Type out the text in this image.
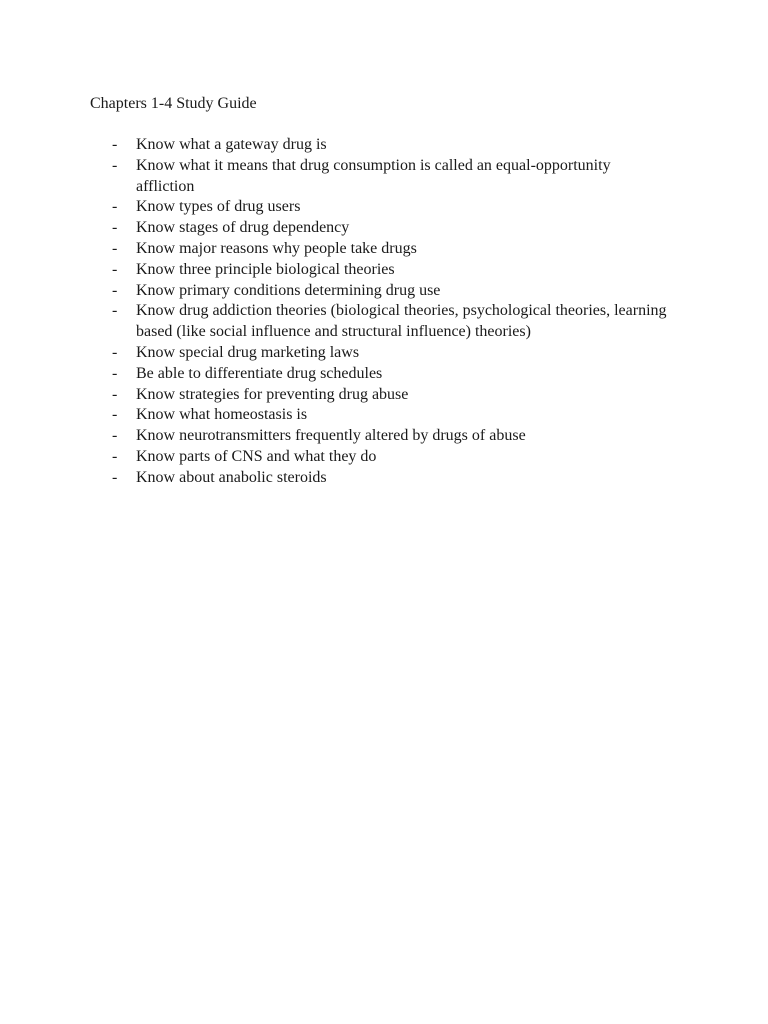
Chapters 1-4 Study Guide
- Know what a gateway drug is
- Know what it means that drug consumption is called an equal-opportunity affliction
- Know types of drug users
- Know stages of drug dependency
- Know major reasons why people take drugs
- Know three principle biological theories
- Know primary conditions determining drug use
- Know drug addiction theories (biological theories, psychological theories, learning based (like social influence and structural influence) theories)
- Know special drug marketing laws
- Be able to differentiate drug schedules
- Know strategies for preventing drug abuse
- Know what homeostasis is
- Know neurotransmitters frequently altered by drugs of abuse
- Know parts of CNS and what they do
- Know about anabolic steroids
